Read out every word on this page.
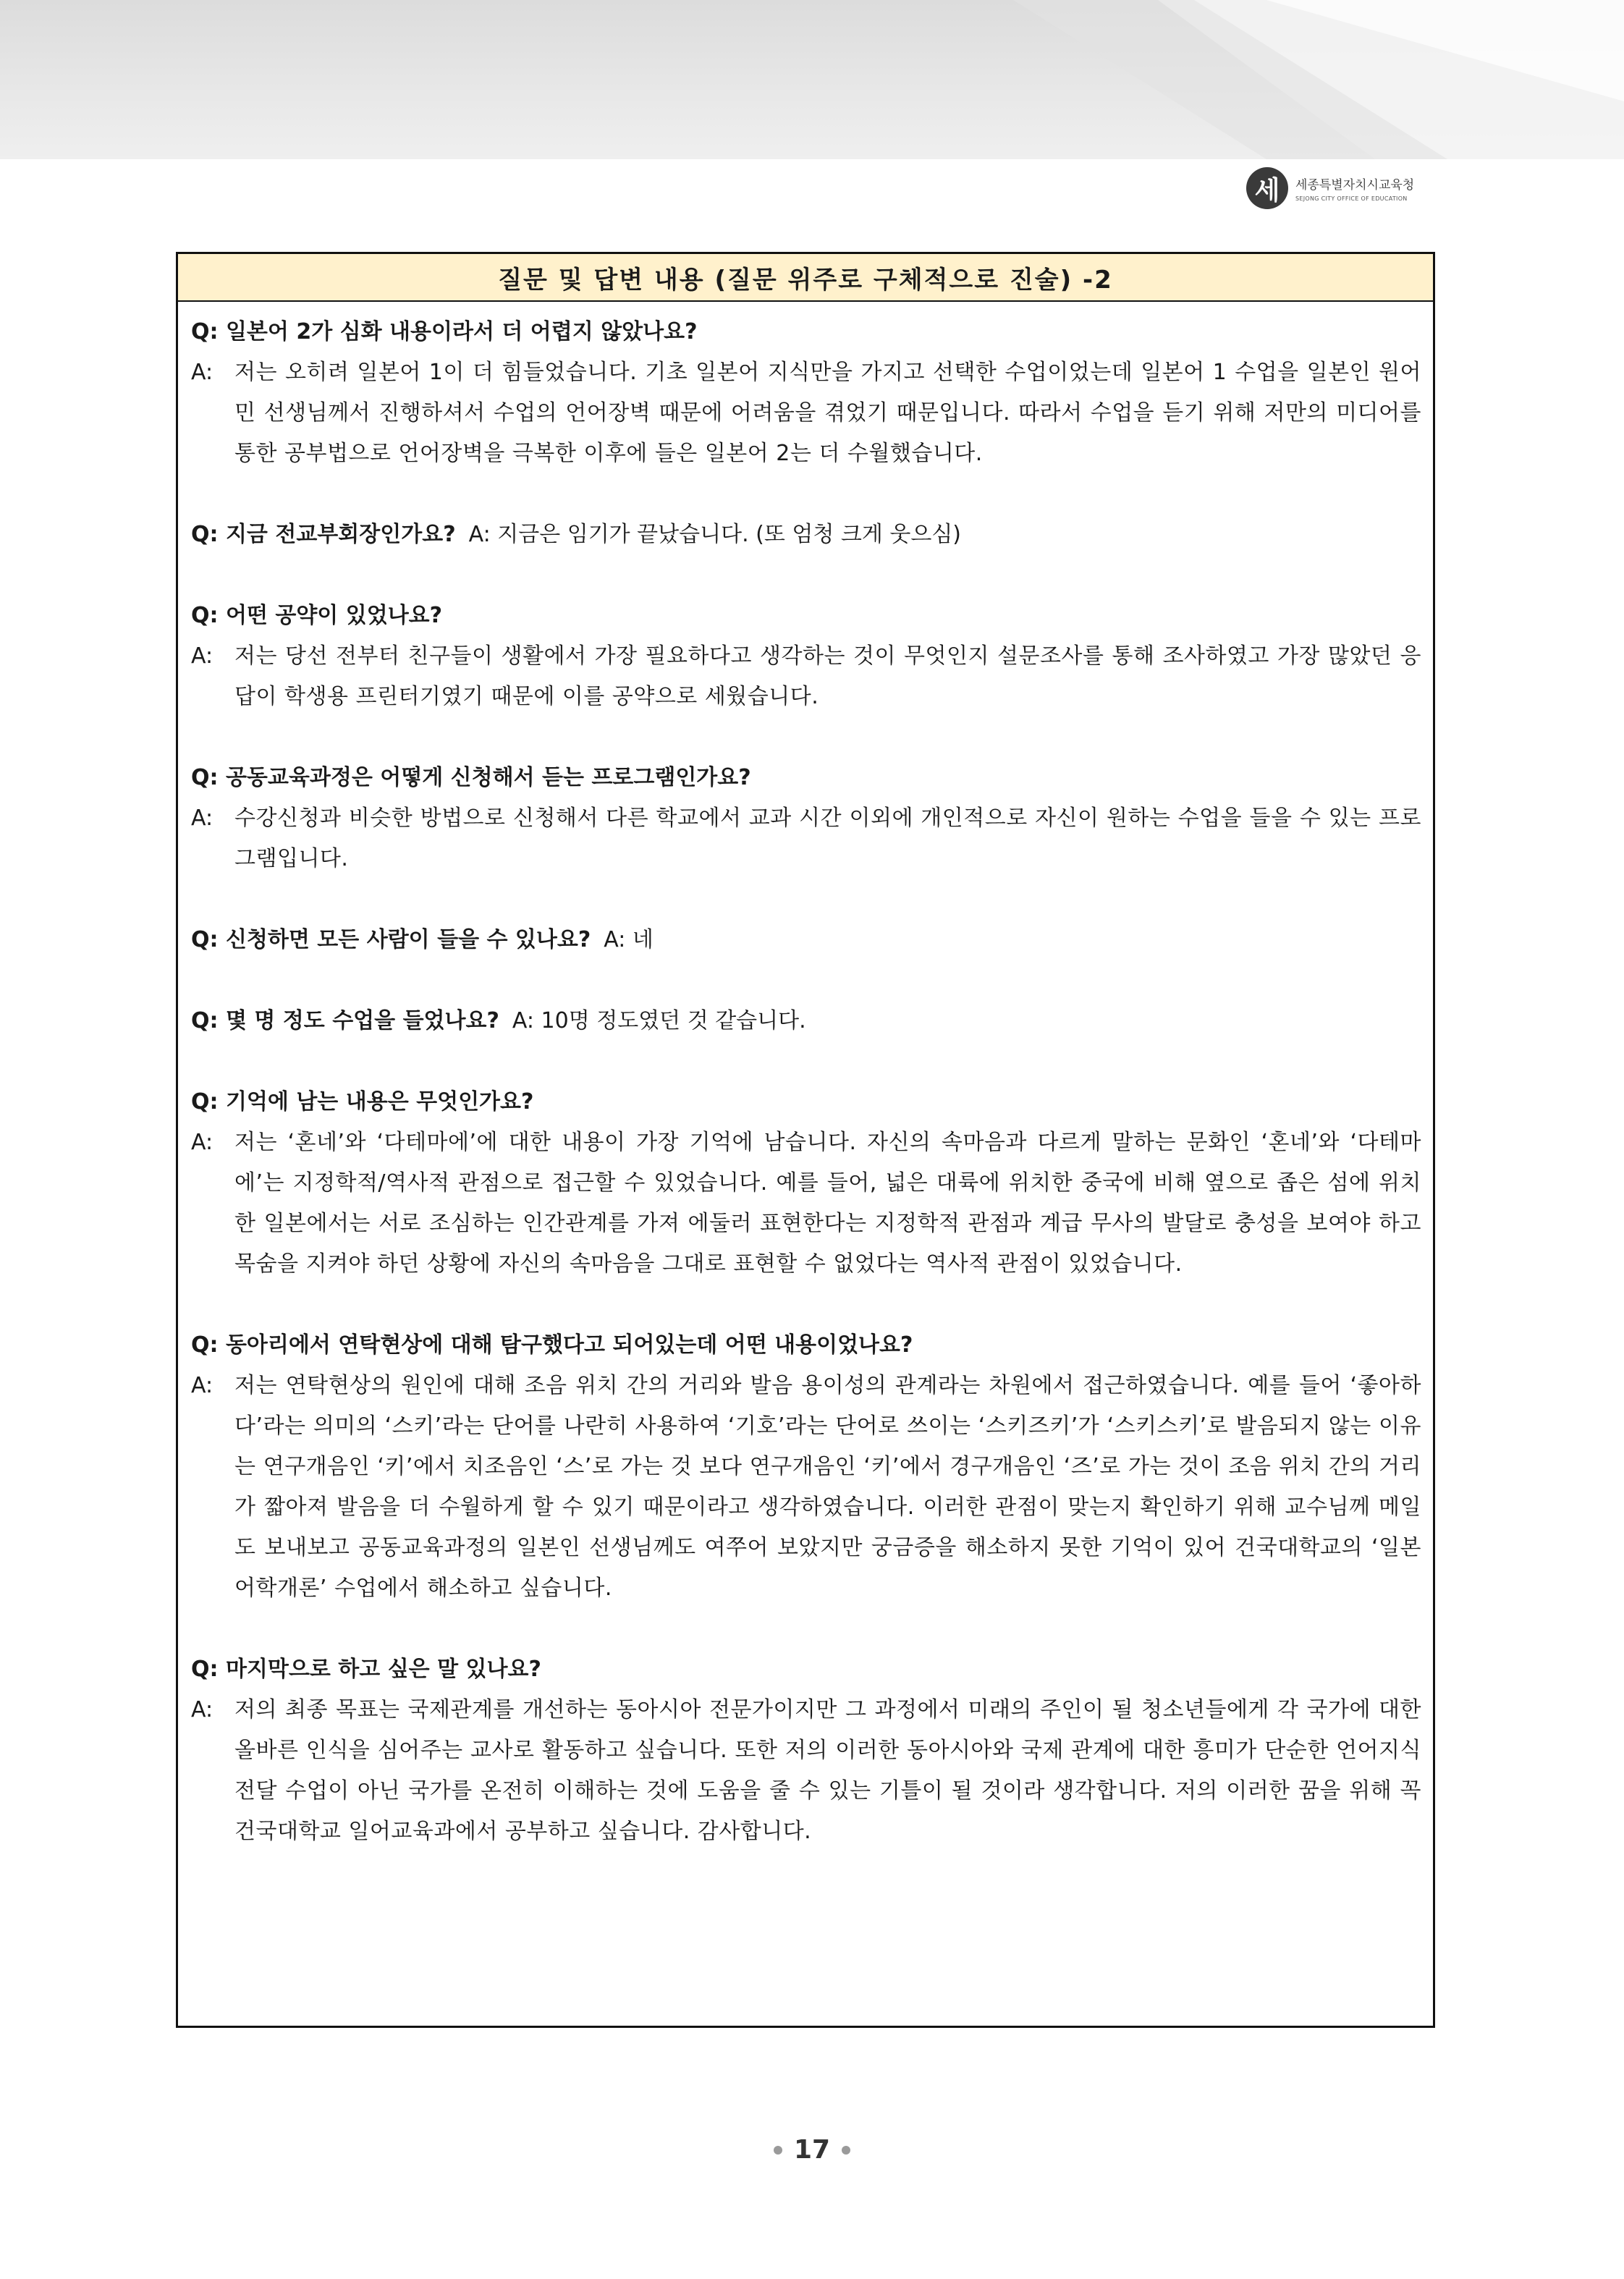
세	세종특별자치시교육청
SEJONG CITY OFFICE OF EDUCATION
질문 및 답변 내용 (질문 위주로 구체적으로 진술) -2
Q: 일본어 2가 심화 내용이라서 더 어렵지 않았나요?
A: 저는 오히려 일본어 1이 더 힘들었습니다. 기초 일본어 지식만을 가지고 선택한 수업이었는데 일본어 1 수업을 일본인 원어민 선생님께서 진행하셔서 수업의 언어장벽 때문에 어려움을 겪었기 때문입니다. 따라서 수업을 듣기 위해 저만의 미디어를 통한 공부법으로 언어장벽을 극복한 이후에 들은 일본어 2는 더 수월했습니다.
Q: 지금 전교부회장인가요? A: 지금은 임기가 끝났습니다. (또 엄청 크게 웃으심)
Q: 어떤 공약이 있었나요?
A: 저는 당선 전부터 친구들이 생활에서 가장 필요하다고 생각하는 것이 무엇인지 설문조사를 통해 조사하였고 가장 많았던 응답이 학생용 프린터기였기 때문에 이를 공약으로 세웠습니다.
Q: 공동교육과정은 어떻게 신청해서 듣는 프로그램인가요?
A: 수강신청과 비슷한 방법으로 신청해서 다른 학교에서 교과 시간 이외에 개인적으로 자신이 원하는 수업을 들을 수 있는 프로그램입니다.
Q: 신청하면 모든 사람이 들을 수 있나요? A: 네
Q: 몇 명 정도 수업을 들었나요? A: 10명 정도였던 것 같습니다.
Q: 기억에 남는 내용은 무엇인가요?
A: 저는 ‘혼네’와 ‘다테마에’에 대한 내용이 가장 기억에 남습니다. 자신의 속마음과 다르게 말하는 문화인 ‘혼네’와 ‘다테마에’는 지정학적/역사적 관점으로 접근할 수 있었습니다. 예를 들어, 넓은 대륙에 위치한 중국에 비해 옆으로 좁은 섬에 위치한 일본에서는 서로 조심하는 인간관계를 가져 에둘러 표현한다는 지정학적 관점과 계급 무사의 발달로 충성을 보여야 하고 목숨을 지켜야 하던 상황에 자신의 속마음을 그대로 표현할 수 없었다는 역사적 관점이 있었습니다.
Q: 동아리에서 연탁현상에 대해 탐구했다고 되어있는데 어떤 내용이었나요?
A: 저는 연탁현상의 원인에 대해 조음 위치 간의 거리와 발음 용이성의 관계라는 차원에서 접근하였습니다. 예를 들어 ‘좋아하다’라는 의미의 ‘스키’라는 단어를 나란히 사용하여 ‘기호’라는 단어로 쓰이는 ‘스키즈키’가 ‘스키스키’로 발음되지 않는 이유는 연구개음인 ‘키’에서 치조음인 ‘스’로 가는 것 보다 연구개음인 ‘키’에서 경구개음인 ‘즈’로 가는 것이 조음 위치 간의 거리가 짧아져 발음을 더 수월하게 할 수 있기 때문이라고 생각하였습니다. 이러한 관점이 맞는지 확인하기 위해 교수님께 메일도 보내보고 공동교육과정의 일본인 선생님께도 여쭈어 보았지만 궁금증을 해소하지 못한 기억이 있어 건국대학교의 ‘일본어학개론’ 수업에서 해소하고 싶습니다.
Q: 마지막으로 하고 싶은 말 있나요?
A: 저의 최종 목표는 국제관계를 개선하는 동아시아 전문가이지만 그 과정에서 미래의 주인이 될 청소년들에게 각 국가에 대한 올바른 인식을 심어주는 교사로 활동하고 싶습니다. 또한 저의 이러한 동아시아와 국제 관계에 대한 흥미가 단순한 언어지식 전달 수업이 아닌 국가를 온전히 이해하는 것에 도움을 줄 수 있는 기틀이 될 것이라 생각합니다. 저의 이러한 꿈을 위해 꼭 건국대학교 일어교육과에서 공부하고 싶습니다. 감사합니다.
17
